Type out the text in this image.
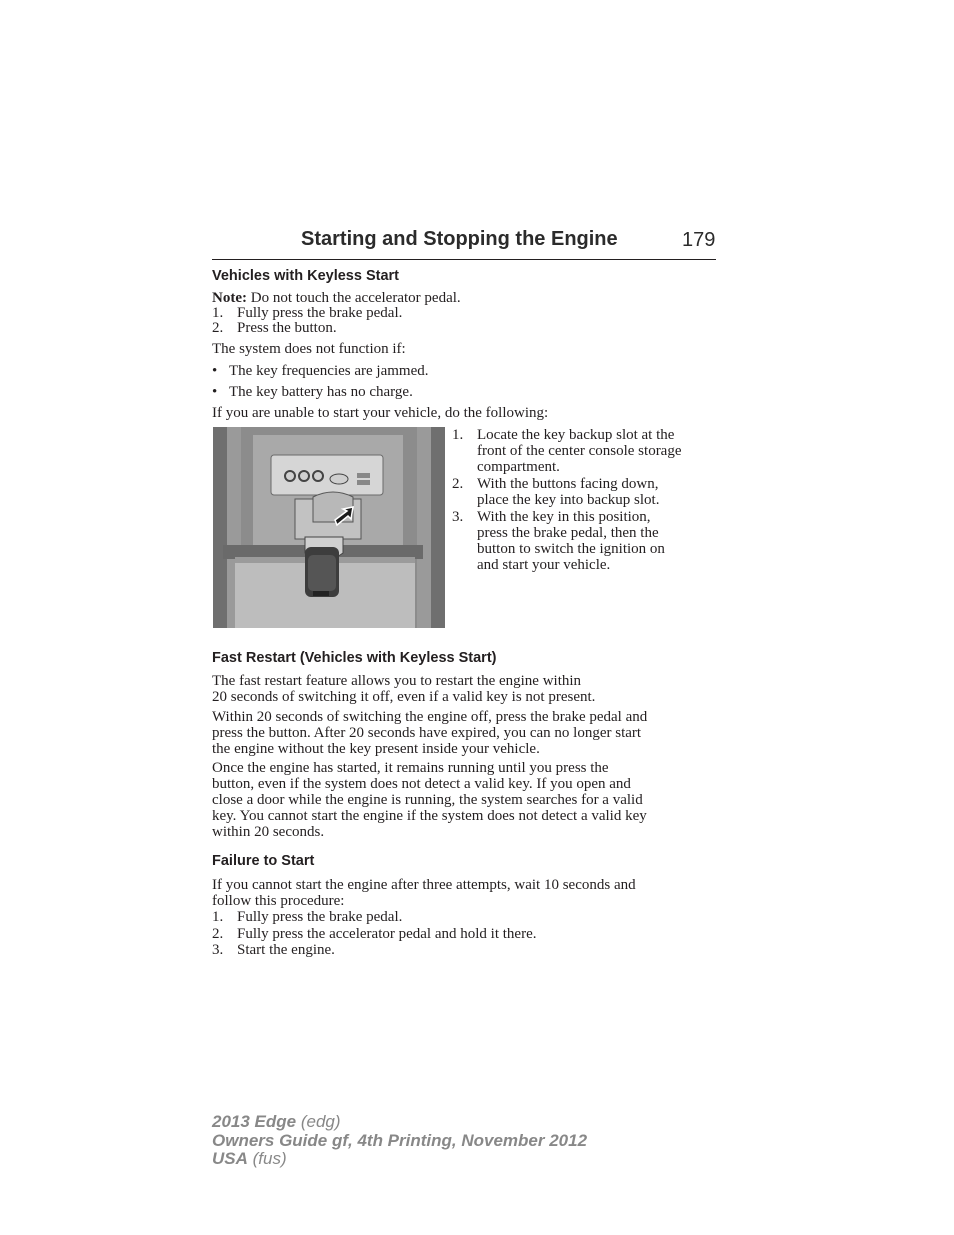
Starting and Stopping the Engine	179
Vehicles with Keyless Start
Note: Do not touch the accelerator pedal.
1. Fully press the brake pedal.
2. Press the button.
The system does not function if:
• The key frequencies are jammed.
• The key battery has no charge.
If you are unable to start your vehicle, do the following:
1. Locate the key backup slot at the
front of the center console storage
compartment.
2. With the buttons facing down,
place the key into backup slot.
3. With the key in this position,
press the brake pedal, then the
button to switch the ignition on
and start your vehicle.
Fast Restart (Vehicles with Keyless Start)
The fast restart feature allows you to restart the engine within
20 seconds of switching it off, even if a valid key is not present.
Within 20 seconds of switching the engine off, press the brake pedal and
press the button. After 20 seconds have expired, you can no longer start
the engine without the key present inside your vehicle.
Once the engine has started, it remains running until you press the
button, even if the system does not detect a valid key. If you open and
close a door while the engine is running, the system searches for a valid
key. You cannot start the engine if the system does not detect a valid key
within 20 seconds.
Failure to Start
If you cannot start the engine after three attempts, wait 10 seconds and
follow this procedure:
1. Fully press the brake pedal.
2. Fully press the accelerator pedal and hold it there.
3. Start the engine.
2013 Edge (edg)
Owners Guide gf, 4th Printing, November 2012
USA (fus)
